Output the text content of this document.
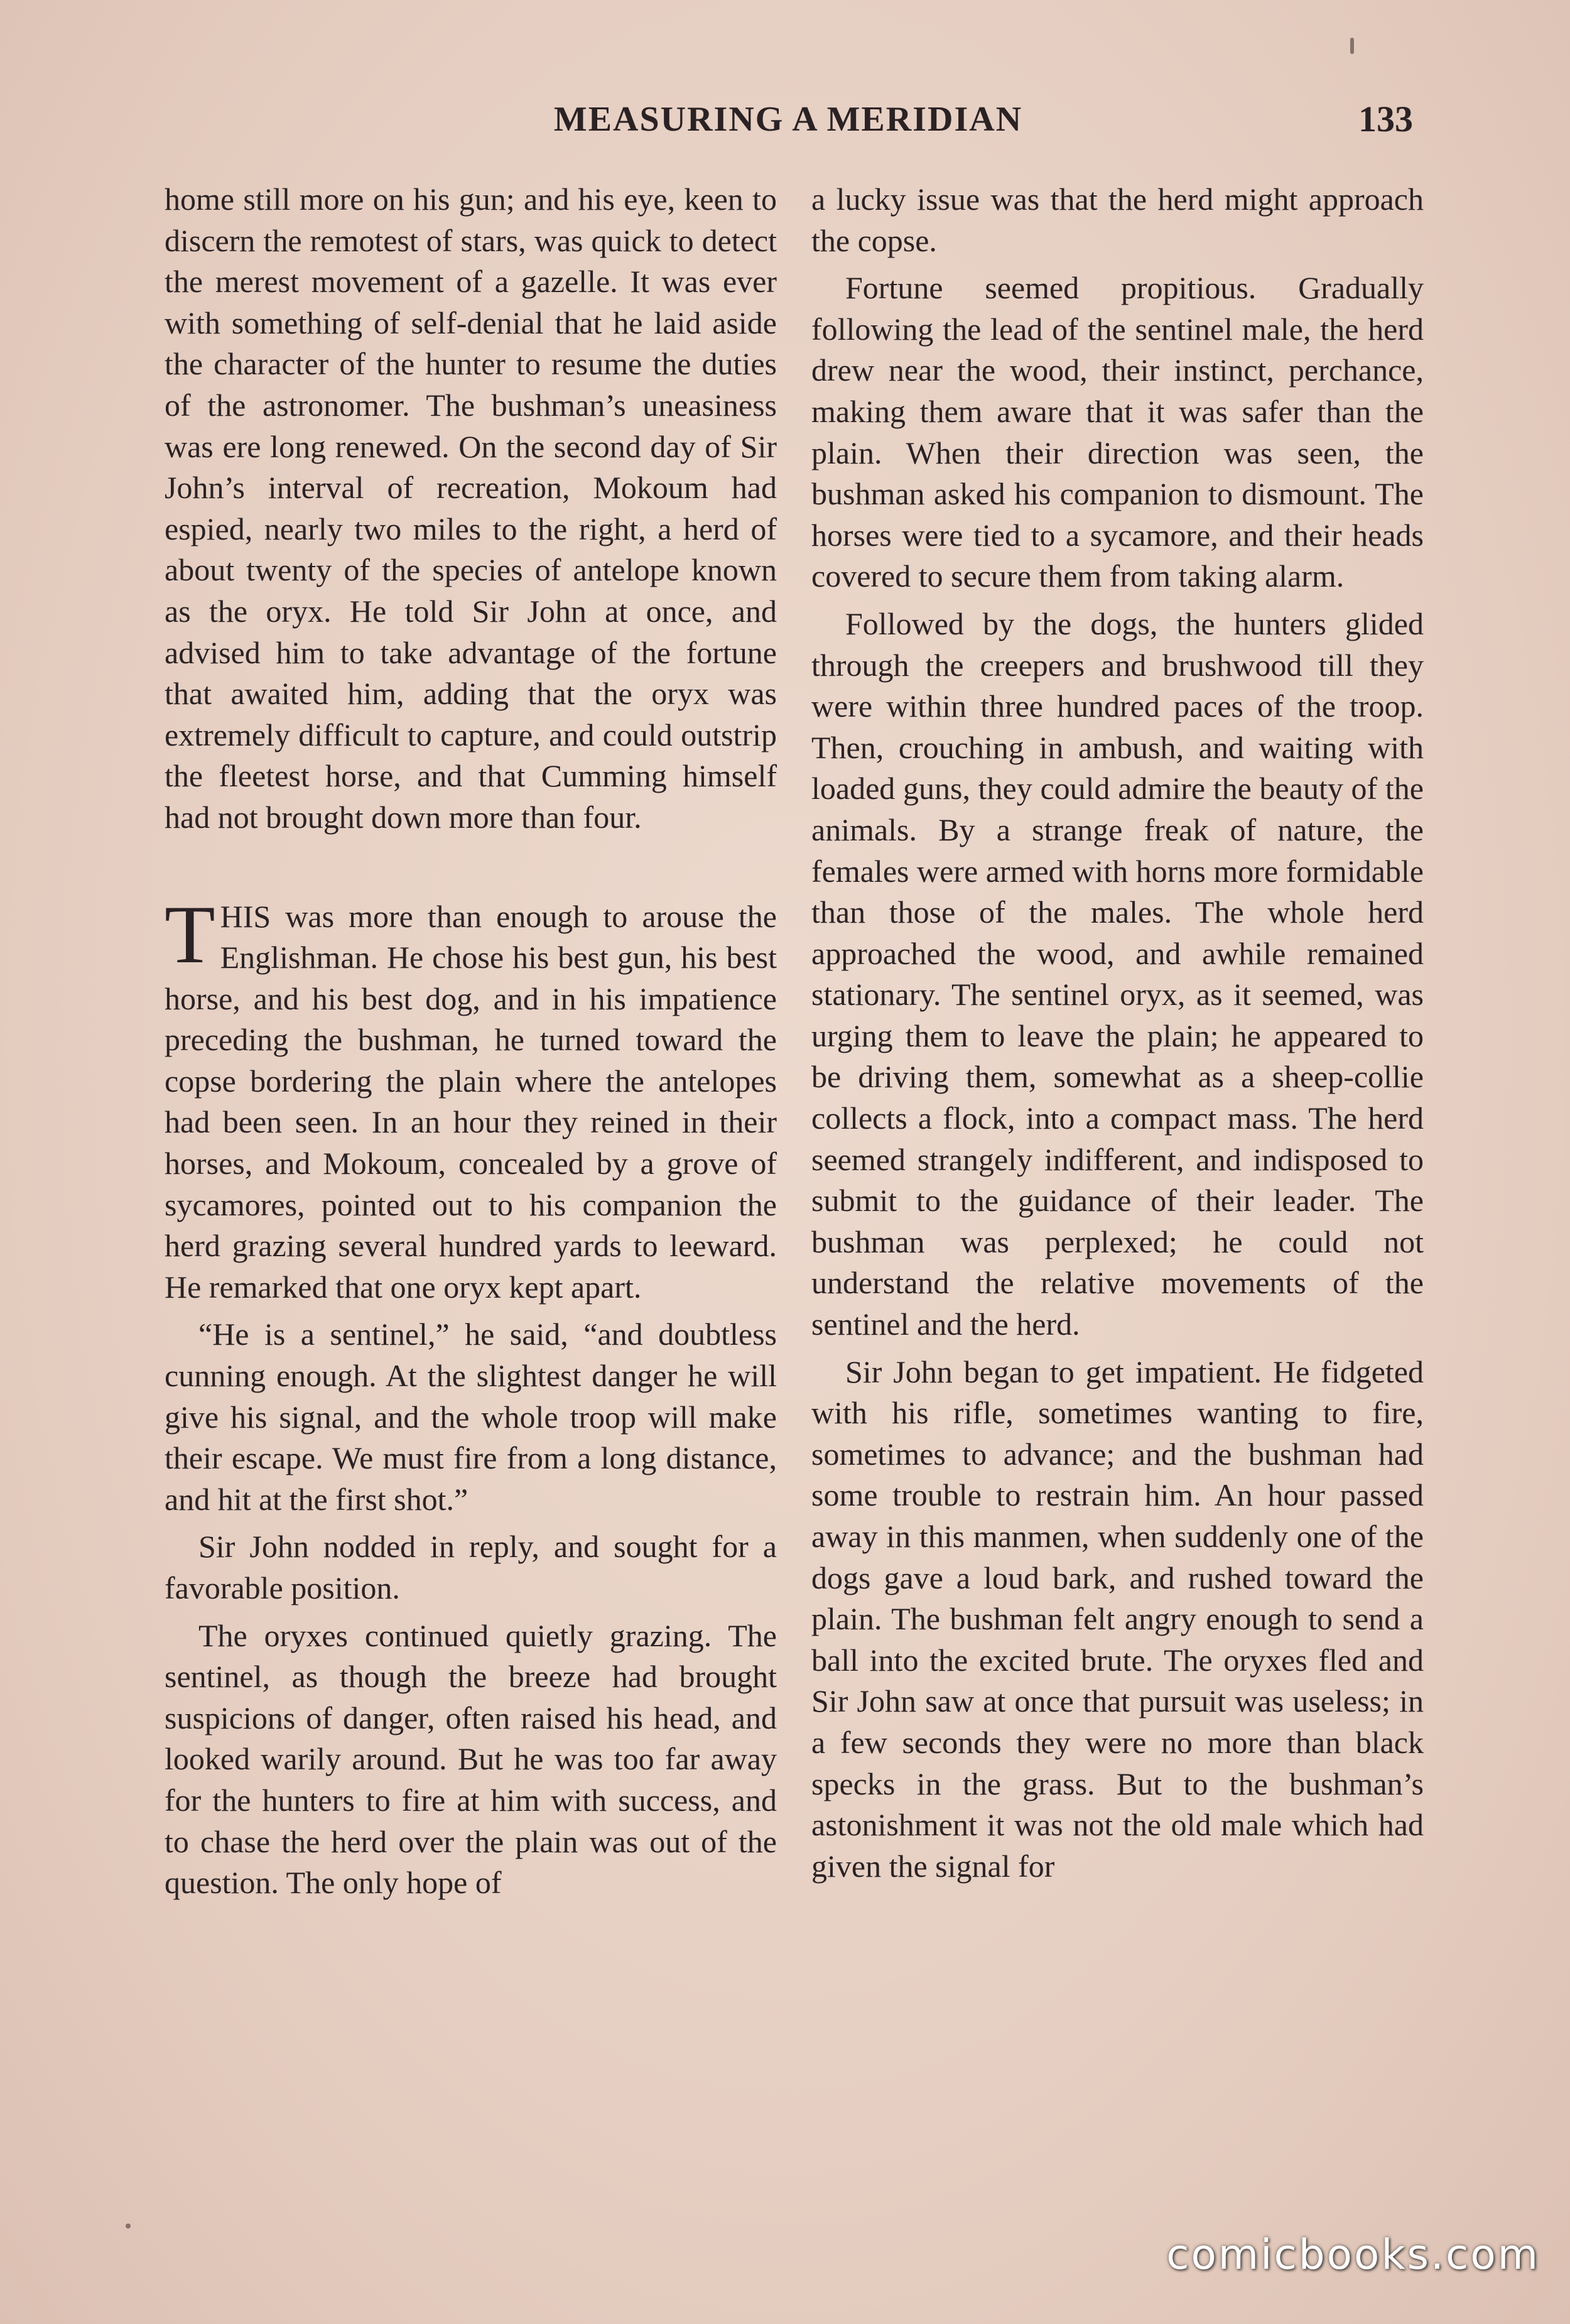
MEASURING A MERIDIAN	133

home still more on his gun; and his eye, keen to discern the remotest of stars, was quick to detect the merest movement of a gazelle. It was ever with something of self-denial that he laid aside the character of the hunter to resume the duties of the astronomer. The bushman’s uneasiness was ere long renewed. On the second day of Sir John’s interval of recreation, Mokoum had espied, nearly two miles to the right, a herd of about twenty of the species of antelope known as the oryx. He told Sir John at once, and advised him to take advantage of the fortune that awaited him, adding that the oryx was extremely difficult to capture, and could outstrip the fleetest horse, and that Cumming himself had not brought down more than four.

THIS was more than enough to arouse the Englishman. He chose his best gun, his best horse, and his best dog, and in his impatience preceding the bushman, he turned toward the copse bordering the plain where the antelopes had been seen. In an hour they reined in their horses, and Mokoum, concealed by a grove of sycamores, pointed out to his companion the herd grazing several hundred yards to leeward. He remarked that one oryx kept apart.

“He is a sentinel,” he said, “and doubtless cunning enough. At the slightest danger he will give his signal, and the whole troop will make their escape. We must fire from a long distance, and hit at the first shot.”

Sir John nodded in reply, and sought for a favorable position.

The oryxes continued quietly grazing. The sentinel, as though the breeze had brought suspicions of danger, often raised his head, and looked warily around. But he was too far away for the hunters to fire at him with success, and to chase the herd over the plain was out of the question. The only hope of

a lucky issue was that the herd might approach the copse.

Fortune seemed propitious. Gradually following the lead of the sentinel male, the herd drew near the wood, their instinct, perchance, making them aware that it was safer than the plain. When their direction was seen, the bushman asked his companion to dismount. The horses were tied to a sycamore, and their heads covered to secure them from taking alarm.

Followed by the dogs, the hunters glided through the creepers and brushwood till they were within three hundred paces of the troop. Then, crouching in ambush, and waiting with loaded guns, they could admire the beauty of the animals. By a strange freak of nature, the females were armed with horns more formidable than those of the males. The whole herd approached the wood, and awhile remained stationary. The sentinel oryx, as it seemed, was urging them to leave the plain; he appeared to be driving them, somewhat as a sheep-collie collects a flock, into a compact mass. The herd seemed strangely indifferent, and indisposed to submit to the guidance of their leader. The bushman was perplexed; he could not understand the relative movements of the sentinel and the herd.

Sir John began to get impatient. He fidgeted with his rifle, sometimes wanting to fire, sometimes to advance; and the bushman had some trouble to restrain him. An hour passed away in this manmen, when suddenly one of the dogs gave a loud bark, and rushed toward the plain. The bushman felt angry enough to send a ball into the excited brute. The oryxes fled and Sir John saw at once that pursuit was useless; in a few seconds they were no more than black specks in the grass. But to the bushman’s astonishment it was not the old male which had given the signal for

comicbooks.com
